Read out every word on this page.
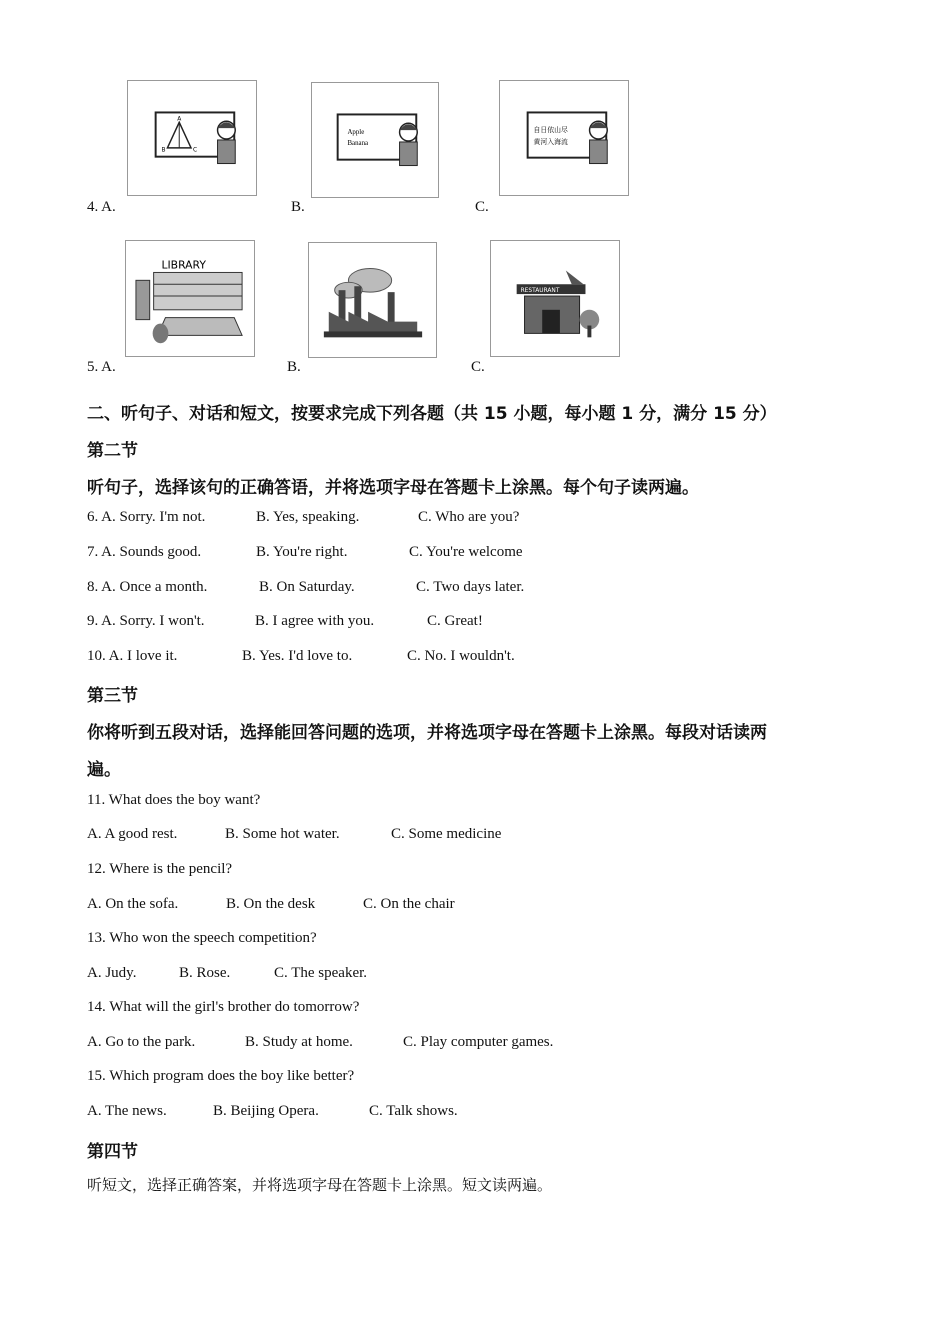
A
B	C
Apple
Banana
自日依山尽
黄河入海流
4. A.	B.	C.
LIBRARY
RESTAURANT
5. A.	B.	C.
二、听句子、对话和短文，按要求完成下列各题（共 15 小题，每小题 1 分，满分 15 分）
第二节
听句子，选择该句的正确答语，并将选项字母在答题卡上涂黑。每个句子读两遍。
6. A. Sorry. I'm not.	B. Yes, speaking.	C. Who are you?
7. A. Sounds good.	B. You're right.	C. You're welcome
8. A. Once a month.	B. On Saturday.	C. Two days later.
9. A. Sorry. I won't.	B. I agree with you.	C. Great!
10. A. I love it.	B. Yes. I'd love to.	C. No. I wouldn't.
第三节
你将听到五段对话，选择能回答问题的选项，并将选项字母在答题卡上涂黑。每段对话读两
遍。
11. What does the boy want?
A. A good rest.	B. Some hot water.	C. Some medicine
12. Where is the pencil?
A. On the sofa.	B. On the desk	C. On the chair
13. Who won the speech competition?
A. Judy.	B. Rose.	C. The speaker.
14. What will the girl's brother do tomorrow?
A. Go to the park.	B. Study at home.	C. Play computer games.
15. Which program does the boy like better?
A. The news.	B. Beijing Opera.	C. Talk shows.
第四节
听短文，选择正确答案，并将选项字母在答题卡上涂黑。短文读两遍。
